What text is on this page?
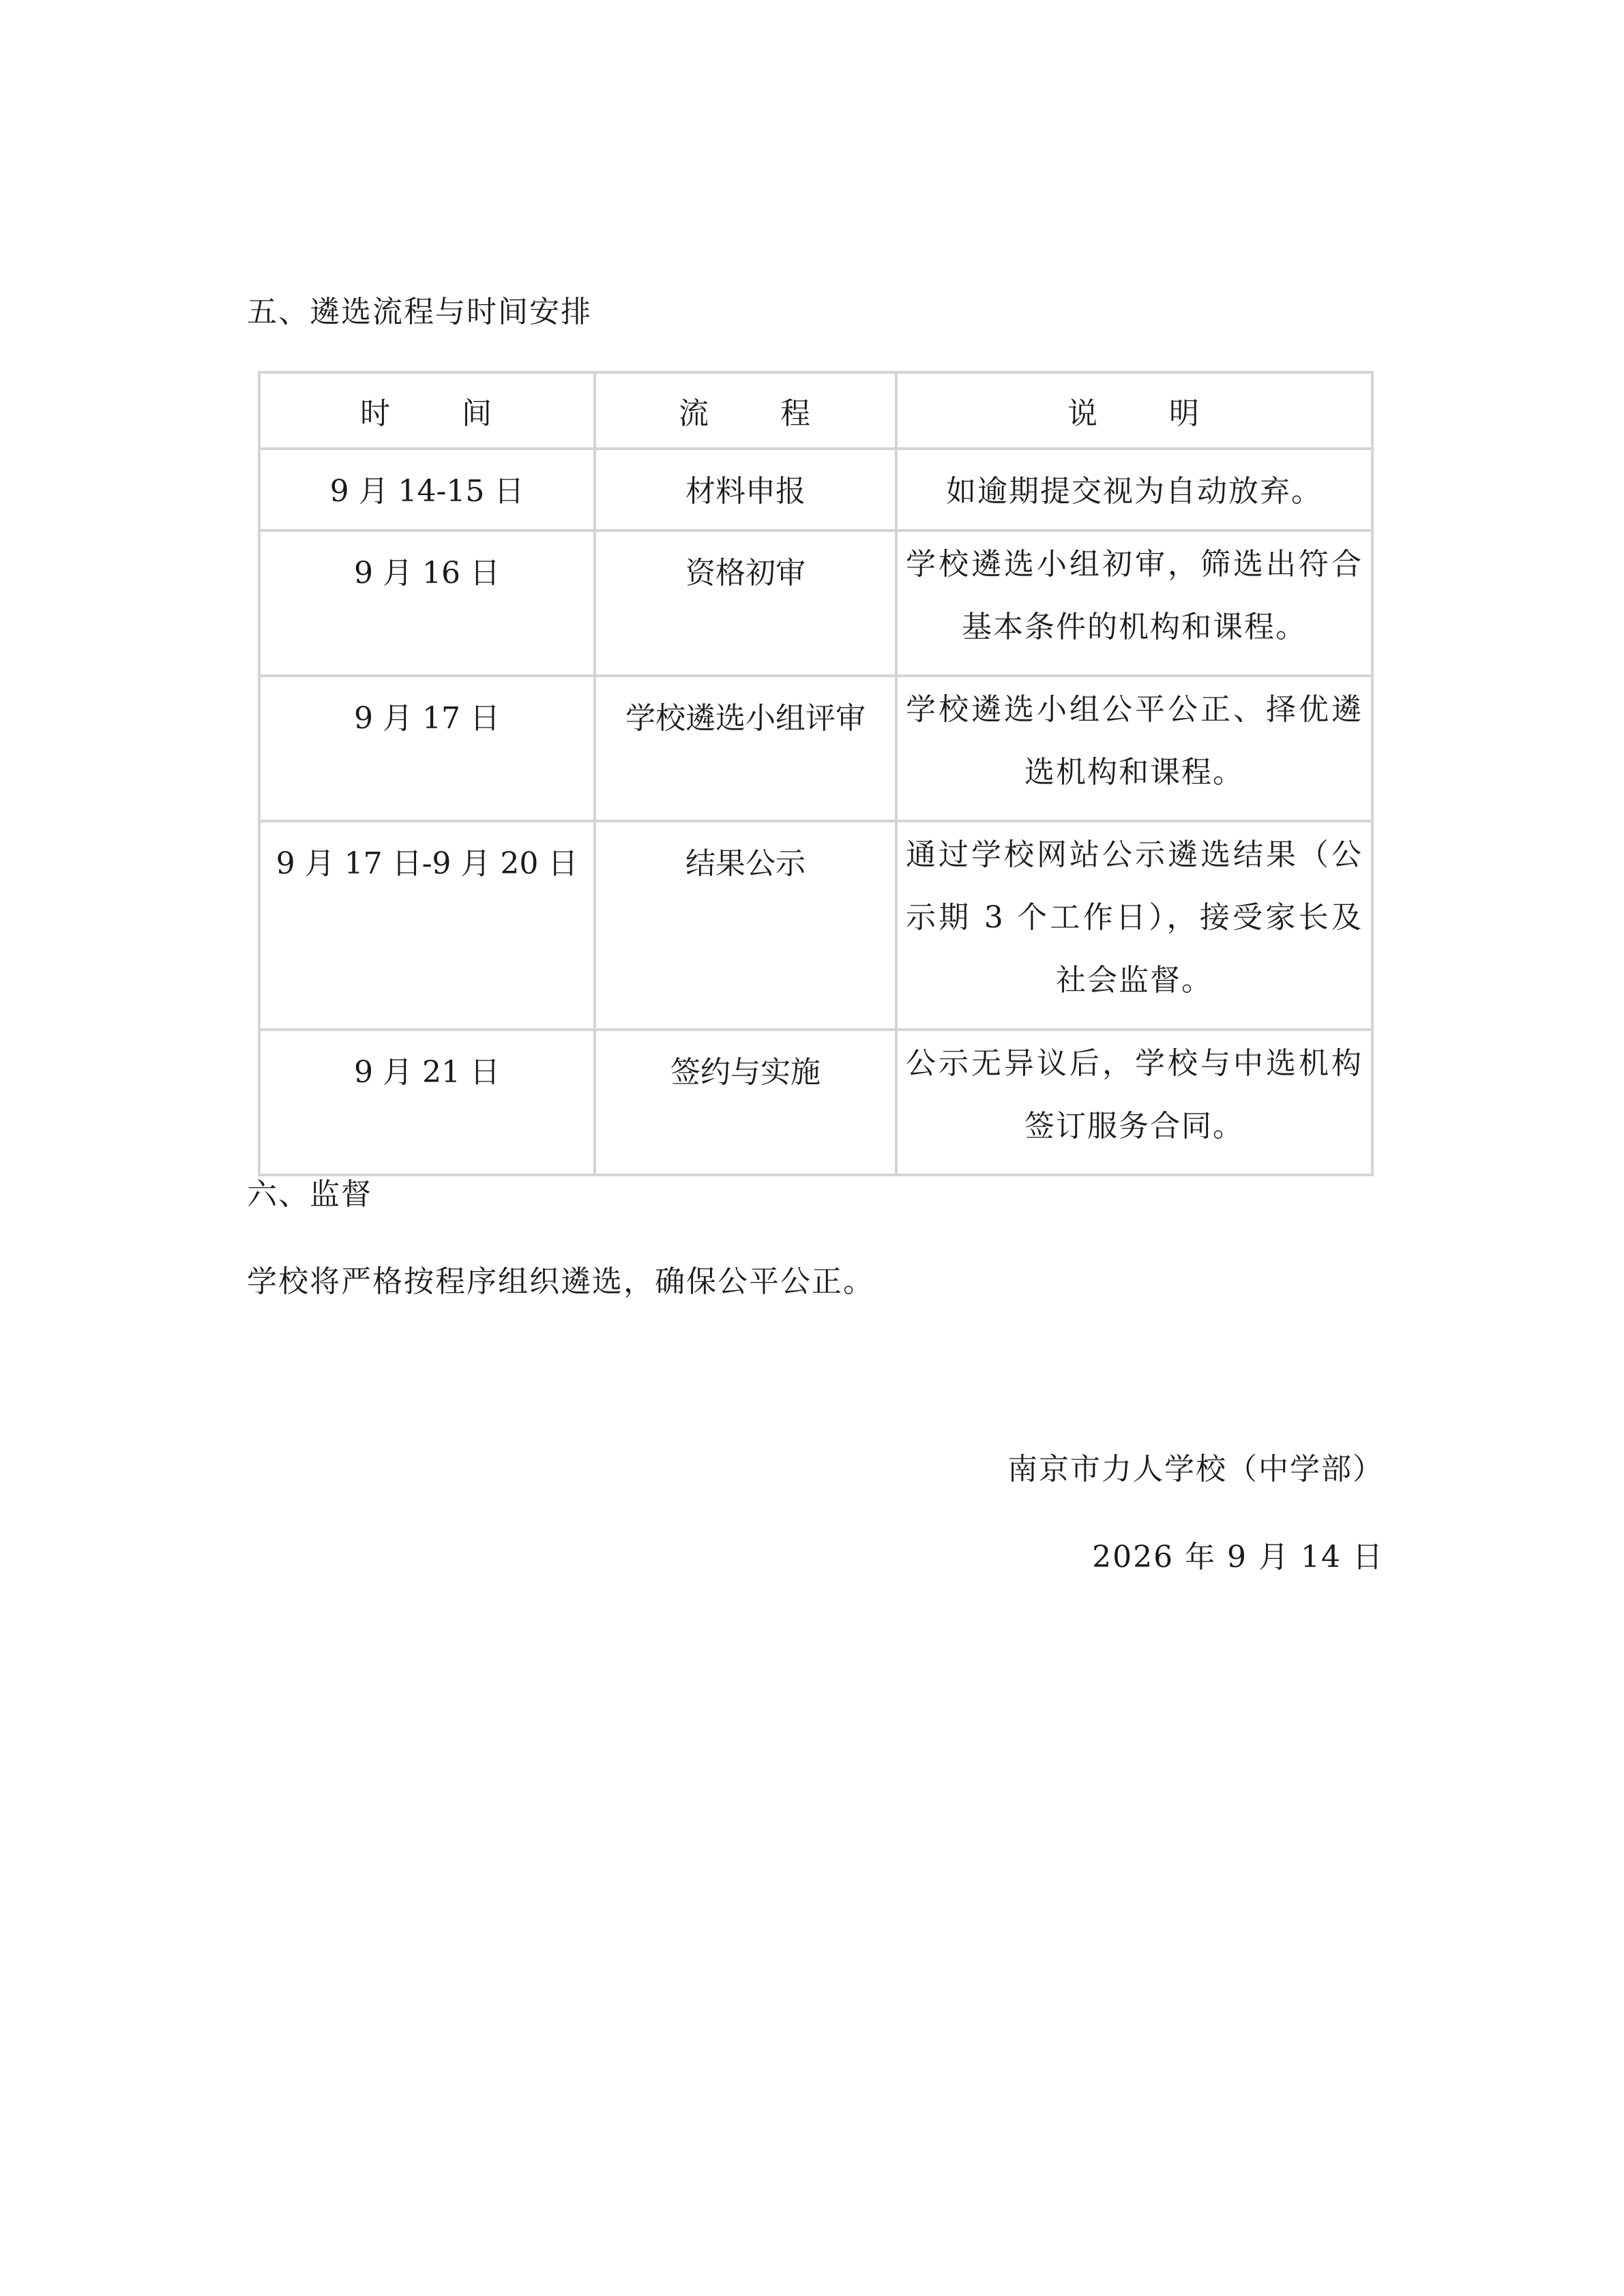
五、遴选流程与时间安排
时      间	流      程	说      明
9 月 14-15 日	材料申报	如逾期提交视为自动放弃。

9 月 16 日	资格初审	学校遴选小组初审，筛选出符合基本条件的机构和课程。

9 月 17 日	学校遴选小组评审	学校遴选小组公平公正、择优遴选机构和课程。

9 月 17 日-9 月 20 日	结果公示	通过学校网站公示遴选结果（公示期 3 个工作日），接受家长及社会监督。

9 月 21 日	签约与实施	公示无异议后，学校与中选机构签订服务合同。
六、监督
学校将严格按程序组织遴选，确保公平公正。
南京市力人学校（中学部）
2026 年 9 月 14 日
